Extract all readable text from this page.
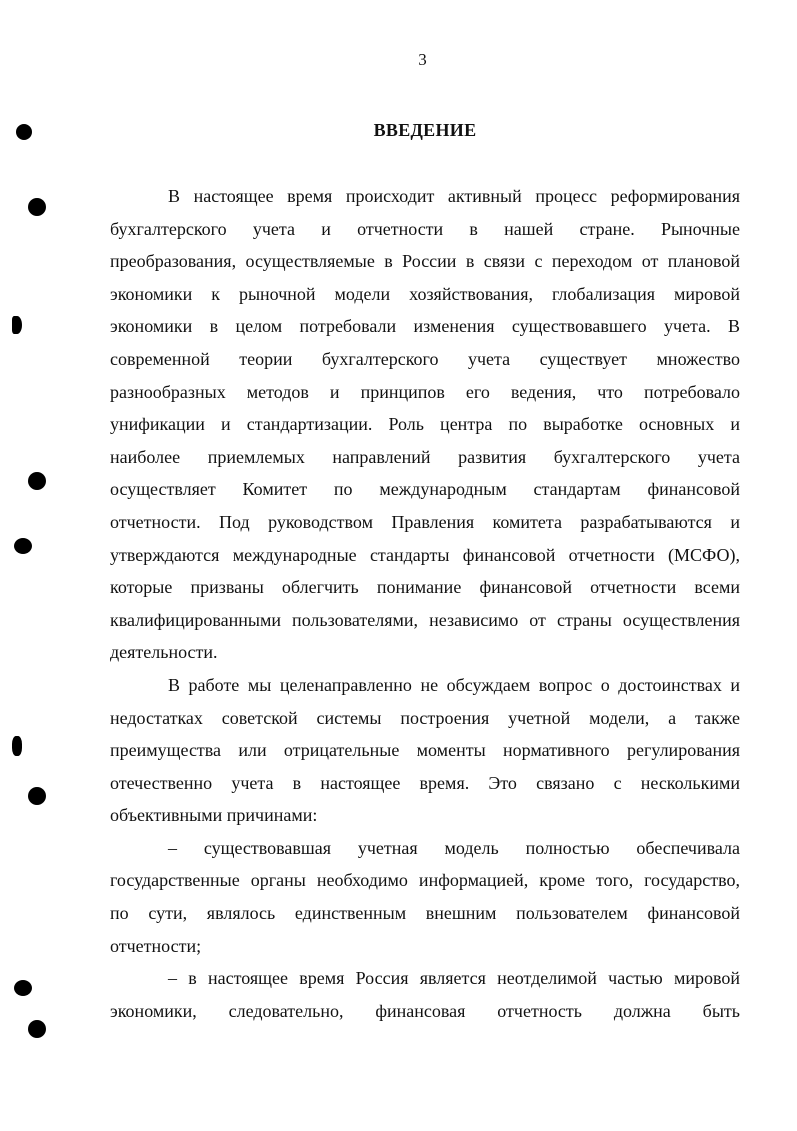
3
ВВЕДЕНИЕ

В настоящее время происходит активный процесс реформирования
бухгалтерского учета и отчетности в нашей стране. Рыночные
преобразования, осуществляемые в России в связи с переходом от плановой
экономики к рыночной модели хозяйствования, глобализация мировой
экономики в целом потребовали изменения существовавшего учета. В
современной теории бухгалтерского учета существует множество
разнообразных методов и принципов его ведения, что потребовало
унификации и стандартизации. Роль центра по выработке основных и
наиболее приемлемых направлений развития бухгалтерского учета
осуществляет Комитет по международным стандартам финансовой
отчетности. Под руководством Правления комитета разрабатываются и
утверждаются международные стандарты финансовой отчетности (МСФО),
которые призваны облегчить понимание финансовой отчетности всеми
квалифицированными пользователями, независимо от страны осуществления
деятельности.

В работе мы целенаправленно не обсуждаем вопрос о достоинствах и
недостатках советской системы построения учетной модели, а также
преимущества или отрицательные моменты нормативного регулирования
отечественно учета в настоящее время. Это связано с несколькими
объективными причинами:

– существовавшая учетная модель полностью обеспечивала
государственные органы необходимо информацией, кроме того, государство,
по сути, являлось единственным внешним пользователем финансовой
отчетности;

– в настоящее время Россия является неотделимой частью мировой
экономики, следовательно, финансовая отчетность должна быть
